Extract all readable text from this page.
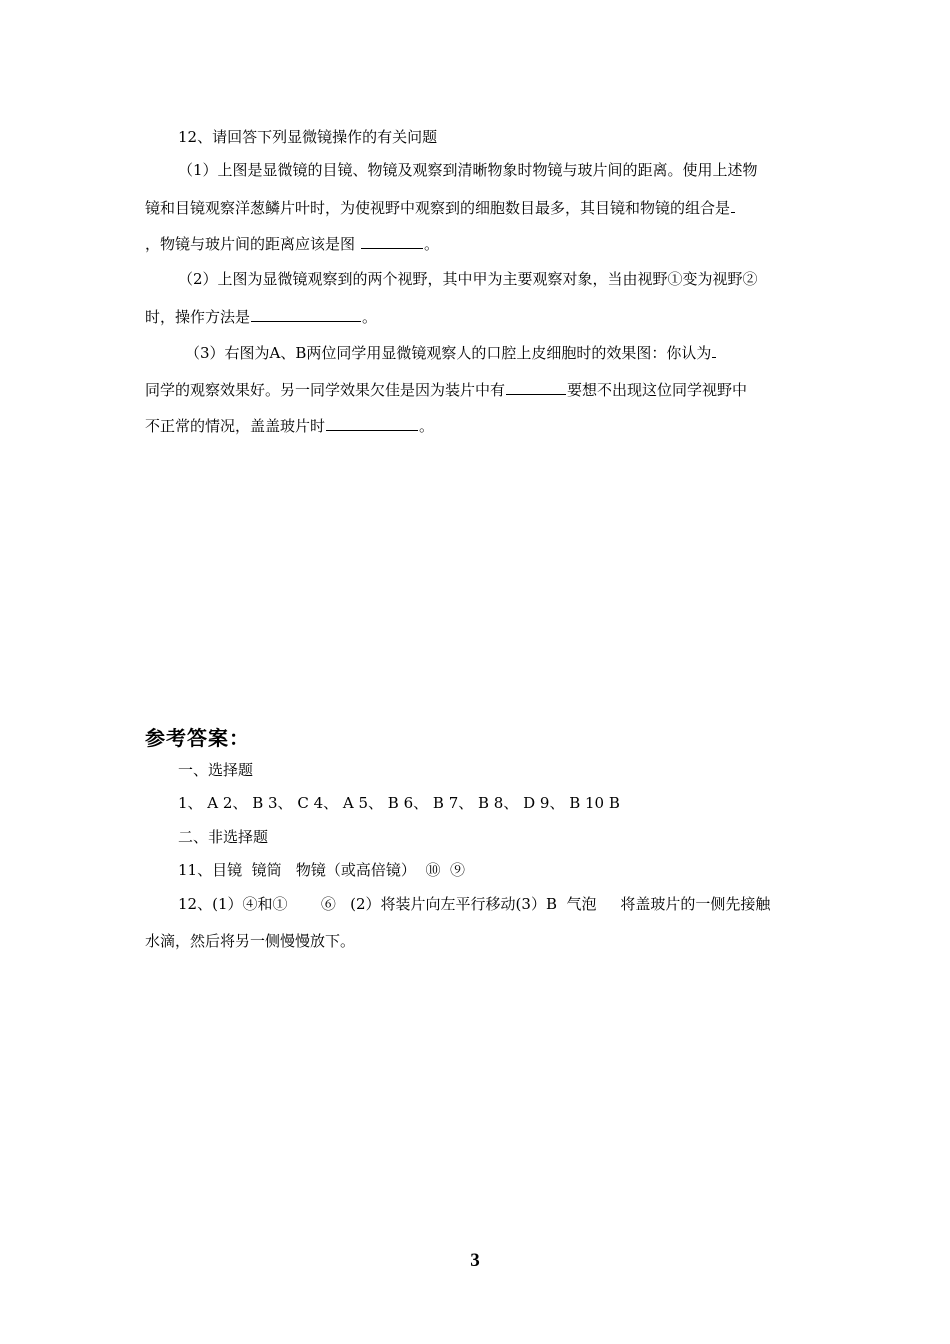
12、请回答下列显微镜操作的有关问题
（1）上图是显微镜的目镜、物镜及观察到清晰物象时物镜与玻片间的距离。使用上述物
镜和目镜观察洋葱鳞片叶时，为使视野中观察到的细胞数目最多，其目镜和物镜的组合是
，物镜与玻片间的距离应该是图	。
（2）上图为显微镜观察到的两个视野，其中甲为主要观察对象，当由视野①变为视野②
时，操作方法是	。
（3）右图为A、B两位同学用显微镜观察人的口腔上皮细胞时的效果图：你认为
同学的观察效果好。另一同学效果欠佳是因为装片中有	要想不出现这位同学视野中
不正常的情况，盖盖玻片时	。
参考答案：
一、选择题
1、 A 2、 B 3、 C 4、 A 5、 B 6、 B 7、 B 8、 D 9、 B 10 B
二、非选择题
11、目镜  镜筒   物镜（或高倍镜）  ⑩  ⑨
12、(1）④和①       ⑥   (2）将装片向左平行移动(3）B  气泡     将盖玻片的一侧先接触
水滴，然后将另一侧慢慢放下。
3
